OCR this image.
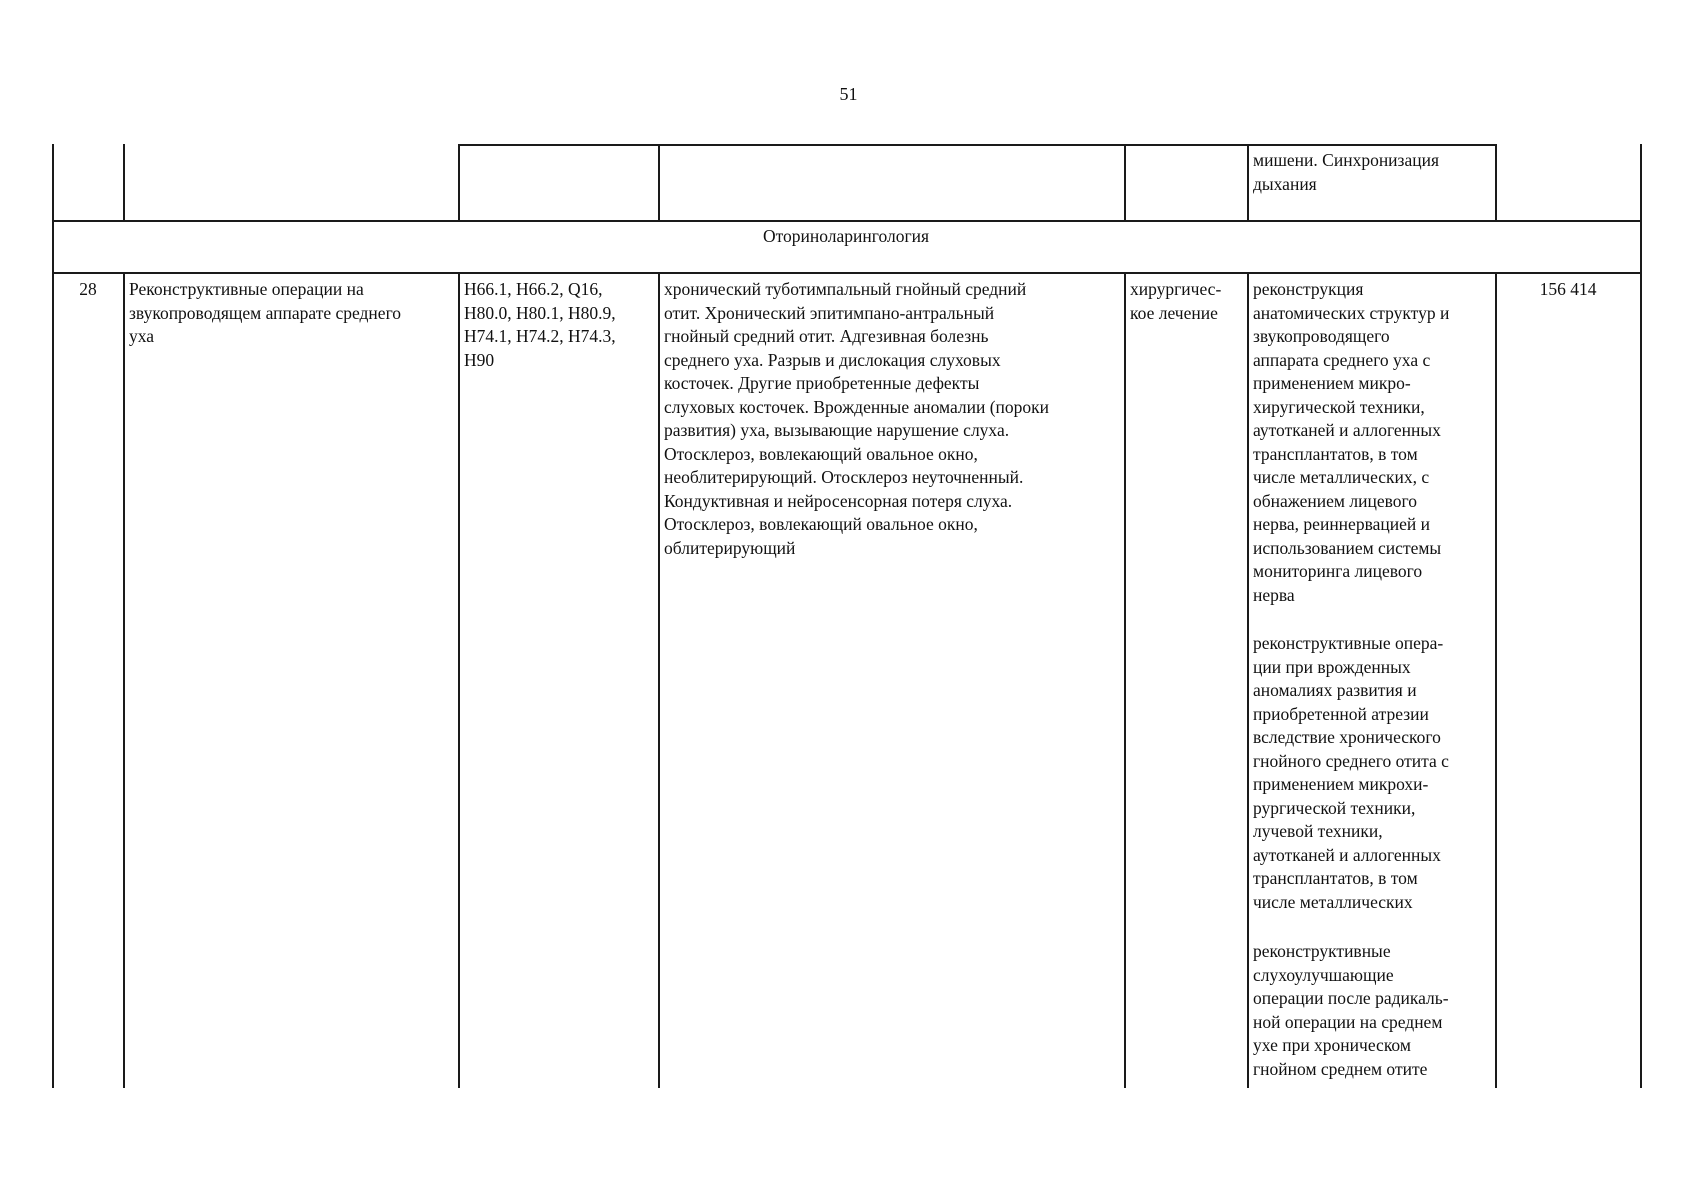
51
мишени. Синхронизация
дыхания
Оториноларингология
28	Реконструктивные операции на
звукопроводящем аппарате среднего
уха
H66.1, H66.2, Q16,
H80.0, H80.1, H80.9,
H74.1, H74.2, H74.3,
H90
хронический туботимпальный гнойный средний
отит. Хронический эпитимпано-антральный
гнойный средний отит. Адгезивная болезнь
среднего уха. Разрыв и дислокация слуховых
косточек. Другие приобретенные дефекты
слуховых косточек. Врожденные аномалии (пороки
развития) уха, вызывающие нарушение слуха.
Отосклероз, вовлекающий овальное окно,
необлитерирующий. Отосклероз неуточненный.
Кондуктивная и нейросенсорная потеря слуха.
Отосклероз, вовлекающий овальное окно,
облитерирующий
хирургичес-
кое лечение
реконструкция
анатомических структур и
звукопроводящего
аппарата среднего уха с
применением микро-
хиругической техники,
аутотканей и аллогенных
трансплантатов, в том
числе металлических, с
обнажением лицевого
нерва, реиннервацией и
использованием системы
мониторинга лицевого
нерва
реконструктивные опера-
ции при врожденных
аномалиях развития и
приобретенной атрезии
вследствие хронического
гнойного среднего отита с
применением микрохи-
рургической техники,
лучевой техники,
аутотканей и аллогенных
трансплантатов, в том
числе металлических
реконструктивные
слухоулучшающие
операции после радикаль-
ной операции на среднем
ухе при хроническом
гнойном среднем отите
156 414
